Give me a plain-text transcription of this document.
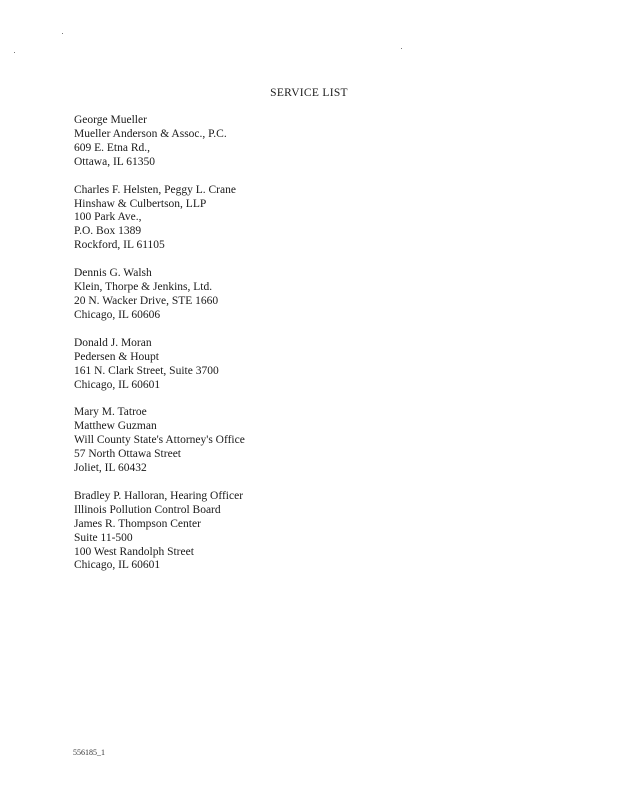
SERVICE LIST
George Mueller
Mueller Anderson & Assoc., P.C.
609 E. Etna Rd.,
Ottawa, IL 61350
Charles F. Helsten, Peggy L. Crane
Hinshaw & Culbertson, LLP
100 Park Ave.,
P.O. Box 1389
Rockford, IL 61105
Dennis G. Walsh
Klein, Thorpe & Jenkins, Ltd.
20 N. Wacker Drive, STE 1660
Chicago, IL 60606
Donald J. Moran
Pedersen & Houpt
161 N. Clark Street, Suite 3700
Chicago, IL 60601
Mary M. Tatroe
Matthew Guzman
Will County State's Attorney's Office
57 North Ottawa Street
Joliet, IL 60432
Bradley P. Halloran, Hearing Officer
Illinois Pollution Control Board
James R. Thompson Center
Suite 11-500
100 West Randolph Street
Chicago, IL 60601
556185_1
